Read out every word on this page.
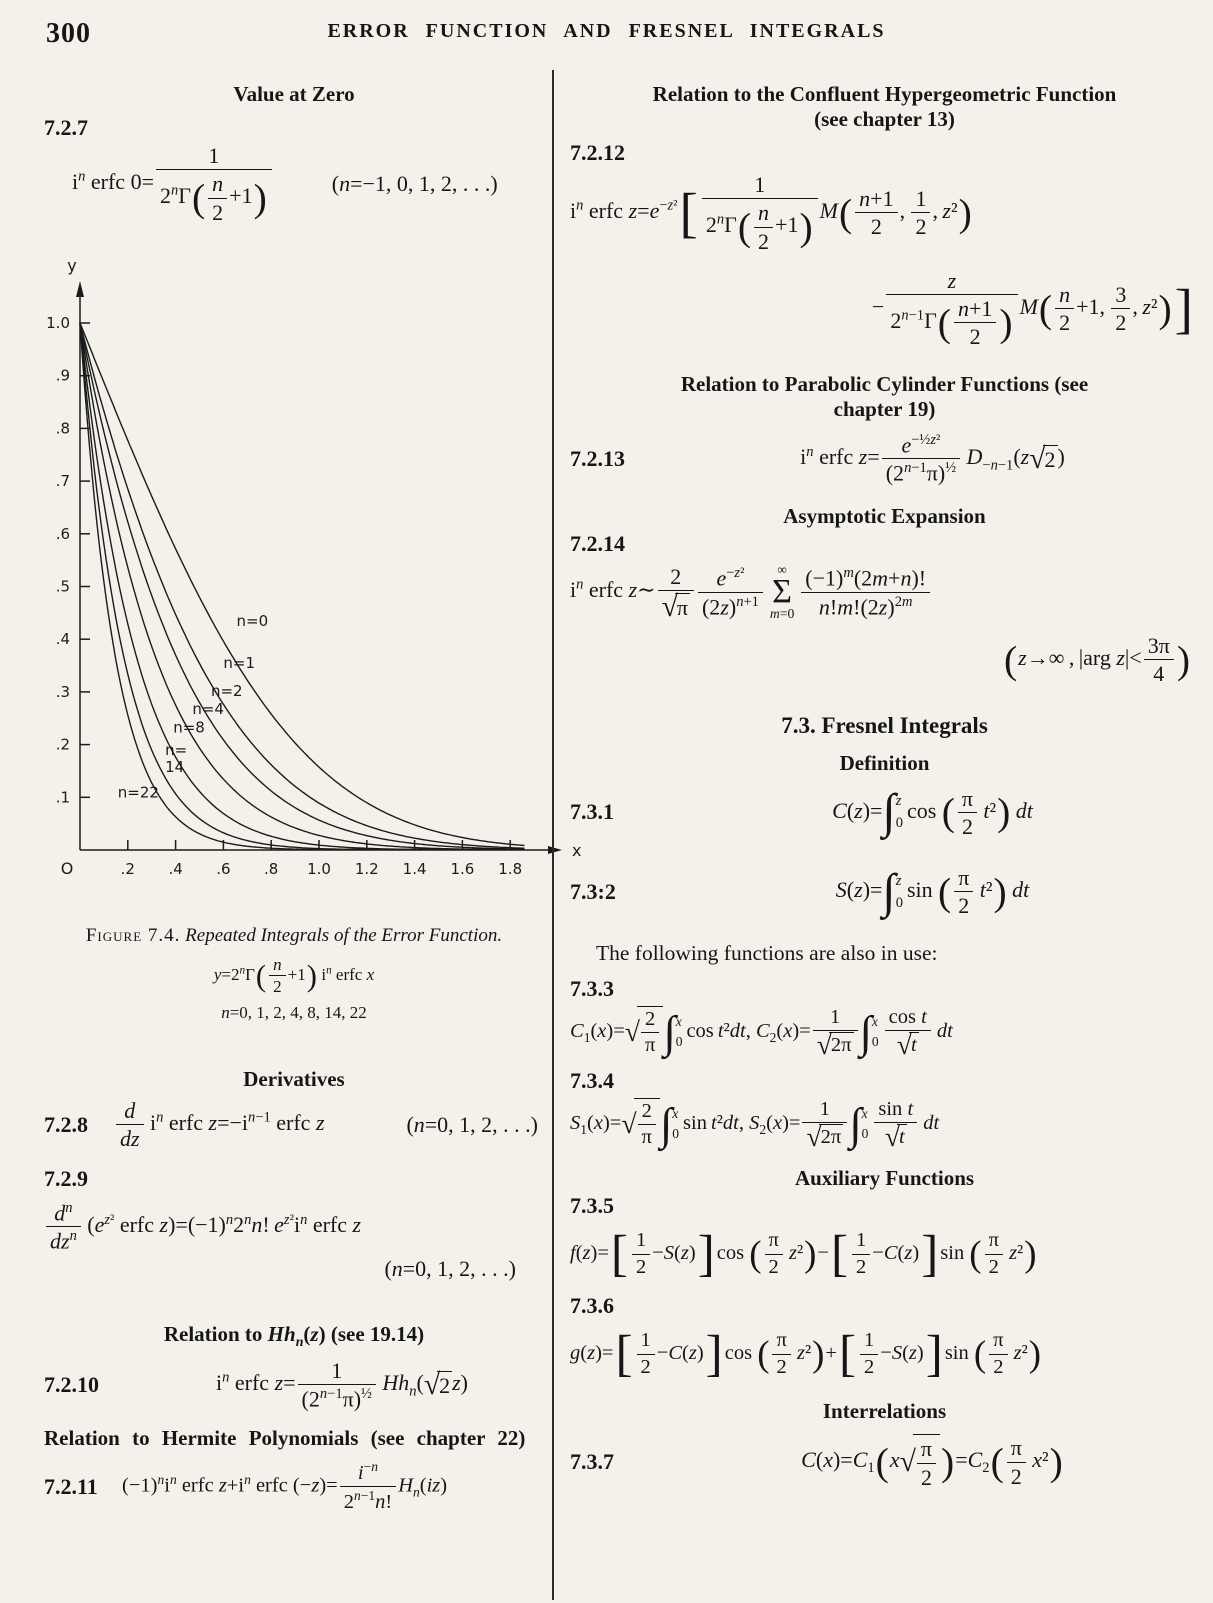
300	ERROR FUNCTION AND FRESNEL INTEGRALS
Value at Zero
7.2.7
$i^n$ erfc $0= \frac{1}{2^n\Gamma( \frac{n}{2} +1)}$	(n=−1, 0, 1, 2, . . .)
y
x
O
.1
.2
.3
.4
.5
.6
.7
.8
.9
1.0
.2 .4 .6 .8 1.0 1.2 1.4 1.6 1.8
n=0
n=1
n=2
n=4
n=8
n=
14
n=22
Figure 7.4. Repeated Integrals of the Error Function.
$y=2^n\Gamma( \frac{n}{2} +1)$ $i^n$ erfc x
n=0, 1, 2, 4, 8, 14, 22
Derivatives
7.2.8	$\frac{d}{dz} i^n$ erfc $z=-i^{n-1}$ erfc z	(n=0, 1, 2, . . .)
7.2.9
$d^n$
$dz^n$  ($e^{z^2}$ erfc $z)=(-1)^n2^nn$! $e^{z^2}i^n$ erfc z
(n=0, 1, 2, . . .)
Relation to $Hh_n(z)$ (see 19.14)
7.2.10	$i^n$ erfc $z= \frac{1}{(2^{n-1}\pi)^{\frac{1}{2}}}$
  $Hh_n(√2z)$
Relation to Hermite Polynomials (see chapter 22)
7.2.11	$(-1)^ni^n$ erfc $z+i^n$ erfc $(-z)= \frac{i^{-n}}{2^{n-1}n!} H_n(iz)$
Relation to the Confluent Hypergeometric Function
(see chapter 13)
7.2.12
$i^n$ erfc $z=e^{-z^2}[ \frac{1}{2^n\Gamma( \frac{n}{2} +1)} M( \frac{n+1}{2}$ ,  $\frac{1}{2}$ , z²)
− $\frac{z}{2^{n-1}\Gamma( \frac{n+1}{2} )} M( \frac{n}{2} +1$,  $\frac{3}{2}$ , z²)]
Relation to Parabolic Cylinder Functions (see
chapter 19)
7.2.13	$i^n$ erfc $z= \frac{e^{-\frac{1}{2}z^2}}{(2^{n-1}\pi)^{\frac{1}{2}}}$
  $D_{-n-1}(z√2)$
Asymptotic Expansion
7.2.14
$i^n$ erfc z∼ $\frac{2}{√\pi} \frac{e^{-z^2}}{(2z)^{n+1}}$ ∞
Σ
$m=0 \frac{(-1)^m(2m+n)!}{n!m!(2z)^{2m}}$
(z→∞ , |arg $z|< \frac{3\pi}{4}$ )
7.3. Fresnel Integrals
Definition
7.3.1	C(z)=∫ z
0
cos ( $\frac{\pi}{2}$
  t²)  dt
7.3:2	S(z)=∫ z
0
sin ( $\frac{\pi}{2}$
  t²)  dt
The following functions are also in use:
7.3.3
$C_1(x)=√ \frac{2}{\pi}$ ∫ x
0
cos t²dt, $C_2(x)= \frac{1}{√2\pi}$ ∫ x
$0 \frac{\text{cos t}}{√t}$
  dt
7.3.4
$S_1(x)=√ \frac{2}{\pi}$ ∫ x
0
sin t²dt, $S_2(x)= \frac{1}{√2\pi}$ ∫ x
$0 \frac{\text{sin t}}{√t}$
  dt
Auxiliary Functions
7.3.5
$f(z)=[ \frac{1}{2} -S(z)]\cos$ ( $\frac{\pi}{2}$
  $z^2)-[ \frac{1}{2} -C(z)]\sin$ ( $\frac{\pi}{2}$
  z²)
7.3.6
$g(z)=[ \frac{1}{2} -C(z)]\cos$ ( $\frac{\pi}{2}$
  $z^2)+[ \frac{1}{2} -S(z)]\sin$ ( $\frac{\pi}{2}$
  z²)
Interrelations
7.3.7	$C(x)=C_1(x√ \frac{\pi}{2} )=C_2( \frac{\pi}{2}$
  x²)
